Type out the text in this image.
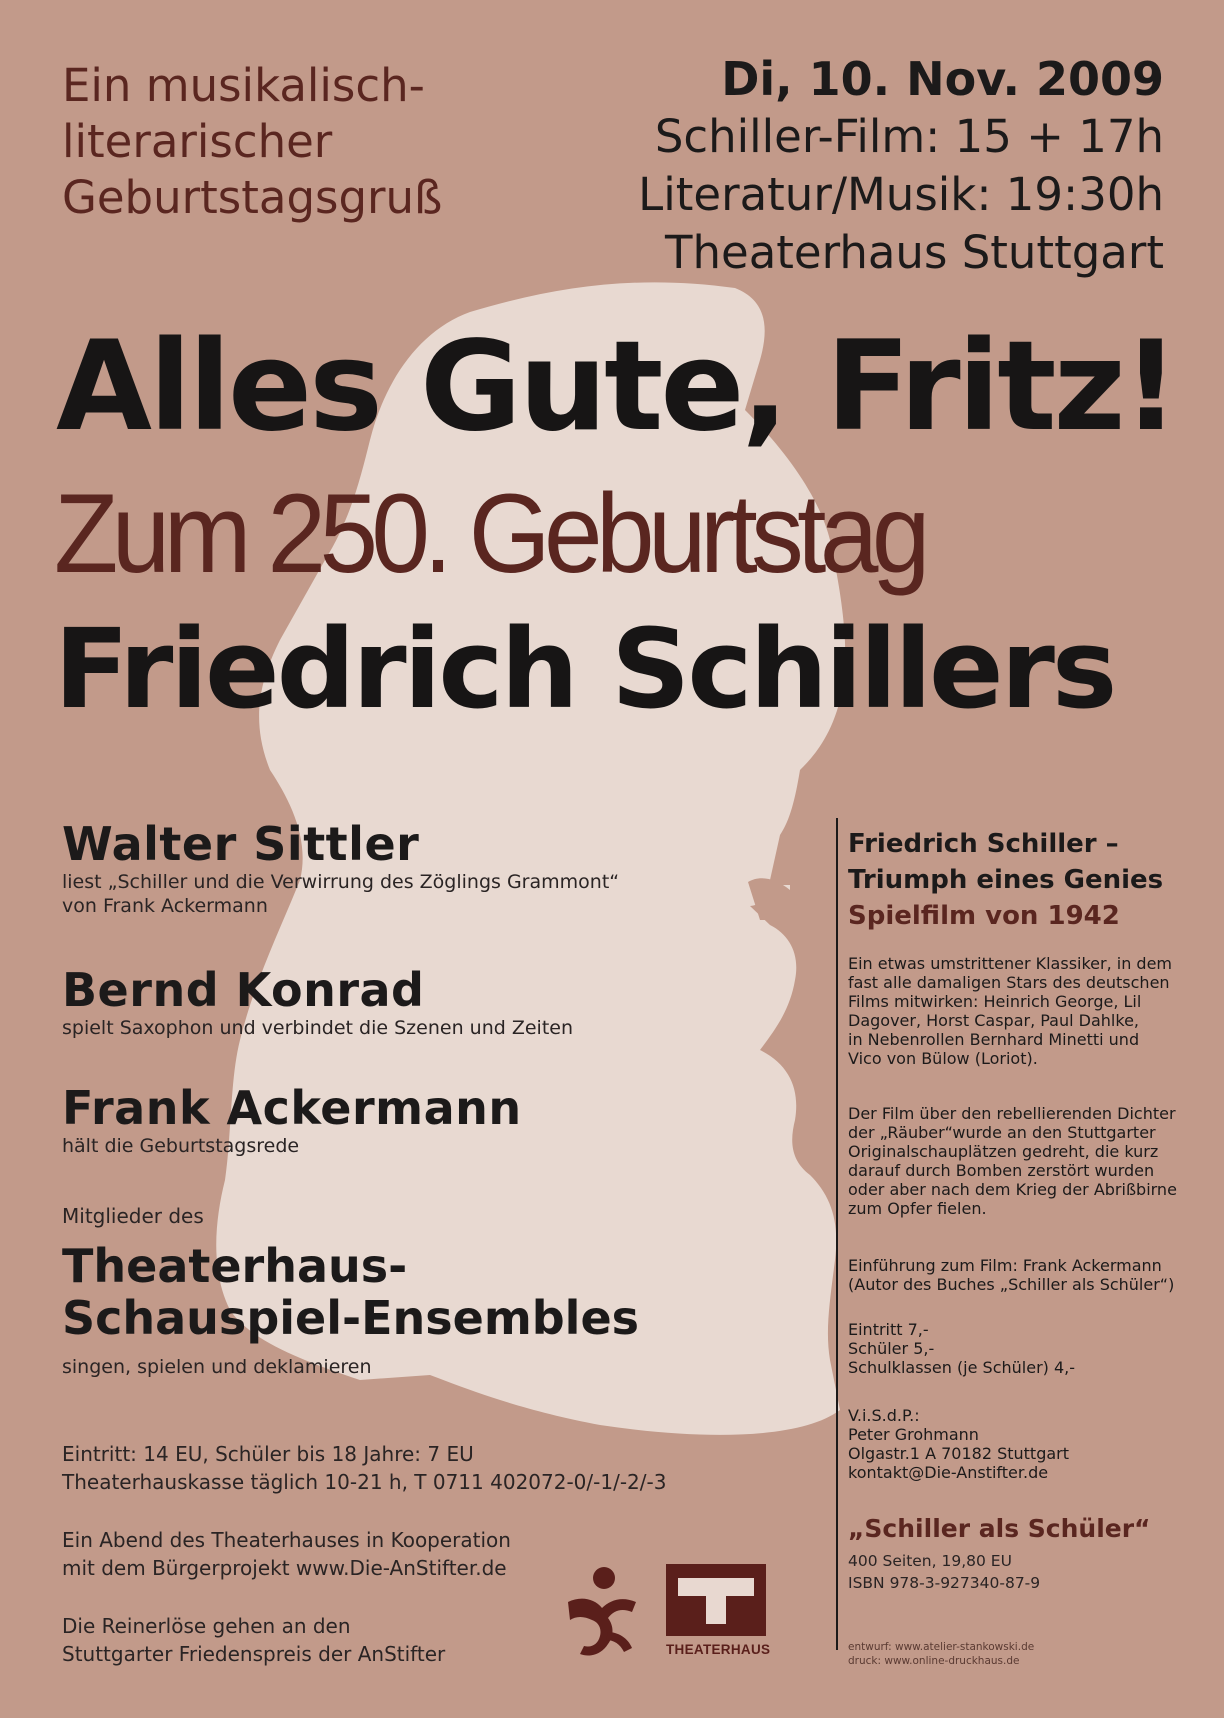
Ein musikalisch-
literarischer
Geburtstagsgruß
Di, 10. Nov. 2009
Schiller-Film: 15 + 17h
Literatur/Musik: 19:30h
Theaterhaus Stuttgart
Alles Gute, Fritz!
Zum 250. Geburtstag
Friedrich Schillers
Walter Sittler
liest „Schiller und die Verwirrung des Zöglings Grammont“
von Frank Ackermann
Bernd Konrad
spielt Saxophon und verbindet die Szenen und Zeiten
Frank Ackermann
hält die Geburtstagsrede
Mitglieder des
Theaterhaus-
Schauspiel-Ensembles
singen, spielen und deklamieren
Eintritt: 14 EU, Schüler bis 18 Jahre: 7 EU
Theaterhauskasse täglich 10-21 h, T 0711 402072-0/-1/-2/-3
Ein Abend des Theaterhauses in Kooperation
mit dem Bürgerprojekt www.Die-AnStifter.de
Die Reinerlöse gehen an den
Stuttgarter Friedenspreis der AnStifter	THEATERHAUS
Friedrich Schiller –
Triumph eines Genies
Spielfilm von 1942
Ein etwas umstrittener Klassiker, in dem
fast alle damaligen Stars des deutschen
Films mitwirken: Heinrich George, Lil
Dagover, Horst Caspar, Paul Dahlke,
in Nebenrollen Bernhard Minetti und
Vico von Bülow (Loriot).
Der Film über den rebellierenden Dichter
der „Räuber“wurde an den Stuttgarter
Originalschauplätzen gedreht, die kurz
darauf durch Bomben zerstört wurden
oder aber nach dem Krieg der Abrißbirne
zum Opfer fielen.
Einführung zum Film: Frank Ackermann
(Autor des Buches „Schiller als Schüler“)
Eintritt 7,-
Schüler 5,-
Schulklassen (je Schüler) 4,-
V.i.S.d.P.:
Peter Grohmann
Olgastr.1 A 70182 Stuttgart
kontakt@Die-Anstifter.de
„Schiller als Schüler“
400 Seiten, 19,80 EU
ISBN 978-3-927340-87-9
entwurf: www.atelier-stankowski.de
druck: www.online-druckhaus.de
